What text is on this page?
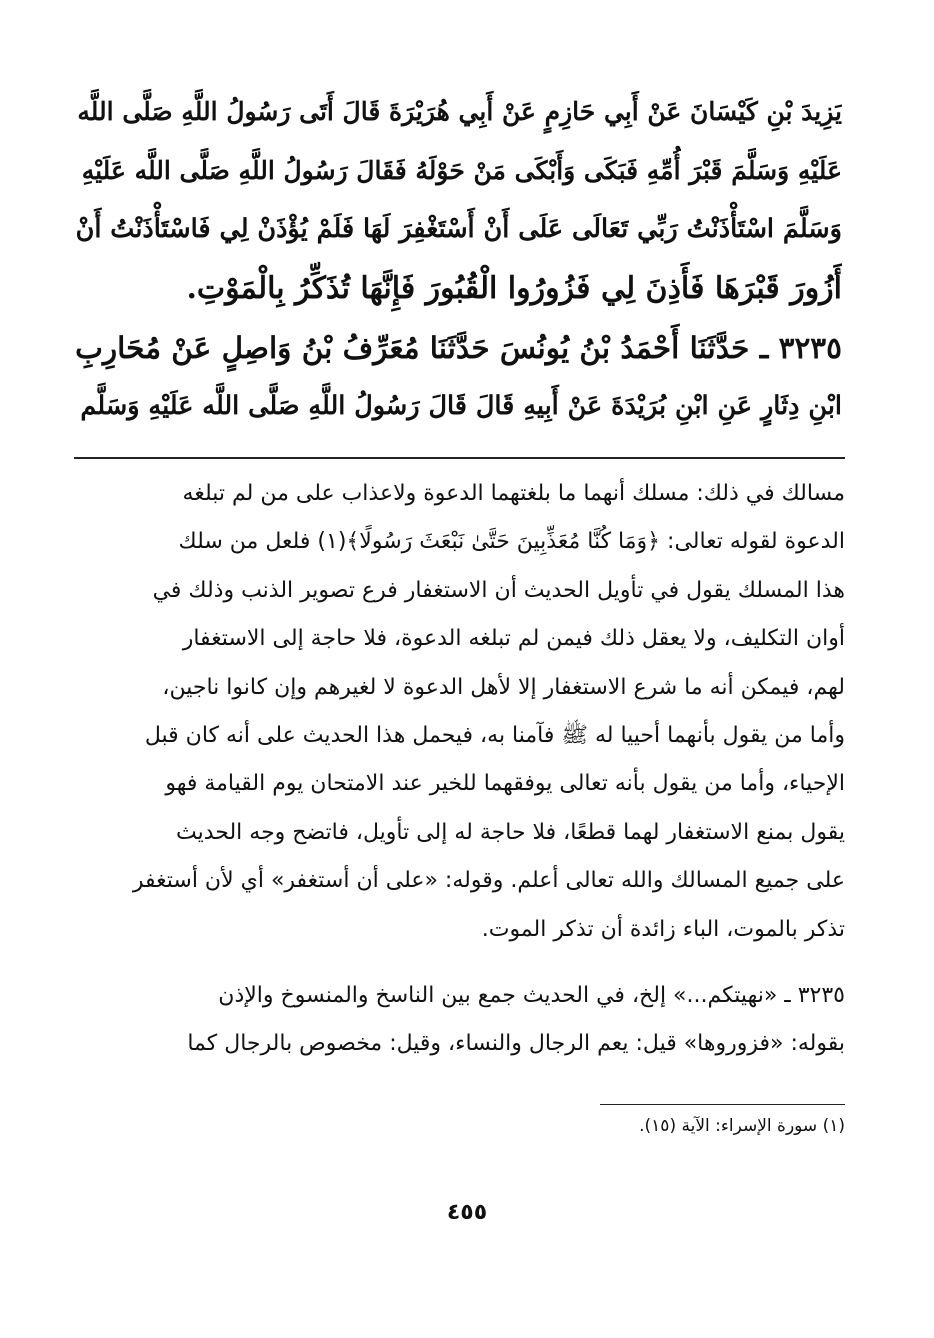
يَزِيدَ بْنِ كَيْسَانَ عَنْ أَبِي حَازِمٍ عَنْ أَبِي هُرَيْرَةَ قَالَ أَتَى رَسُولُ اللَّهِ صَلَّى اللَّه
عَلَيْهِ وَسَلَّمَ قَبْرَ أُمِّهِ فَبَكَى وَأَبْكَى مَنْ حَوْلَهُ فَقَالَ رَسُولُ اللَّهِ صَلَّى اللَّه عَلَيْهِ
وَسَلَّمَ اسْتَأْذَنْتُ رَبِّي تَعَالَى عَلَى أَنْ أَسْتَغْفِرَ لَهَا فَلَمْ يُؤْذَنْ لِي فَاسْتَأْذَنْتُ أَنْ
أَزُورَ قَبْرَهَا فَأَذِنَ لِي فَزُورُوا الْقُبُورَ فَإِنَّهَا تُذَكِّرُ بِالْمَوْتِ.
٣٢٣٥ ـ حَدَّثَنَا أَحْمَدُ بْنُ يُونُسَ حَدَّثَنَا مُعَرِّفُ بْنُ وَاصِلٍ عَنْ مُحَارِبِ
ابْنِ دِثَارٍ عَنِ ابْنِ بُرَيْدَةَ عَنْ أَبِيهِ قَالَ قَالَ رَسُولُ اللَّهِ صَلَّى اللَّه عَلَيْهِ وَسَلَّم
مسالك في ذلك: مسلك أنهما ما بلغتهما الدعوة ولاعذاب على من لم تبلغه
الدعوة لقوله تعالى: ﴿وَمَا كُنَّا مُعَذِّبِينَ حَتَّىٰ نَبْعَثَ رَسُولًا﴾(١) فلعل من سلك
هذا المسلك يقول في تأويل الحديث أن الاستغفار فرع تصوير الذنب وذلك في
أوان التكليف، ولا يعقل ذلك فيمن لم تبلغه الدعوة، فلا حاجة إلى الاستغفار
لهم، فيمكن أنه ما شرع الاستغفار إلا لأهل الدعوة لا لغيرهم وإن كانوا ناجين،
وأما من يقول بأنهما أحييا له ﷺ فآمنا به، فيحمل هذا الحديث على أنه كان قبل
الإحياء، وأما من يقول بأنه تعالى يوفقهما للخير عند الامتحان يوم القيامة فهو
يقول بمنع الاستغفار لهما قطعًا، فلا حاجة له إلى تأويل، فاتضح وجه الحديث
على جميع المسالك والله تعالى أعلم. وقوله: «على أن أستغفر» أي لأن أستغفر
تذكر بالموت، الباء زائدة أن تذكر الموت.
٣٢٣٥ ـ «نهيتكم...» إلخ، في الحديث جمع بين الناسخ والمنسوخ والإذن
بقوله: «فزوروها» قيل: يعم الرجال والنساء، وقيل: مخصوص بالرجال كما
(١) سورة الإسراء: الآية (١٥).
٤٥٥
